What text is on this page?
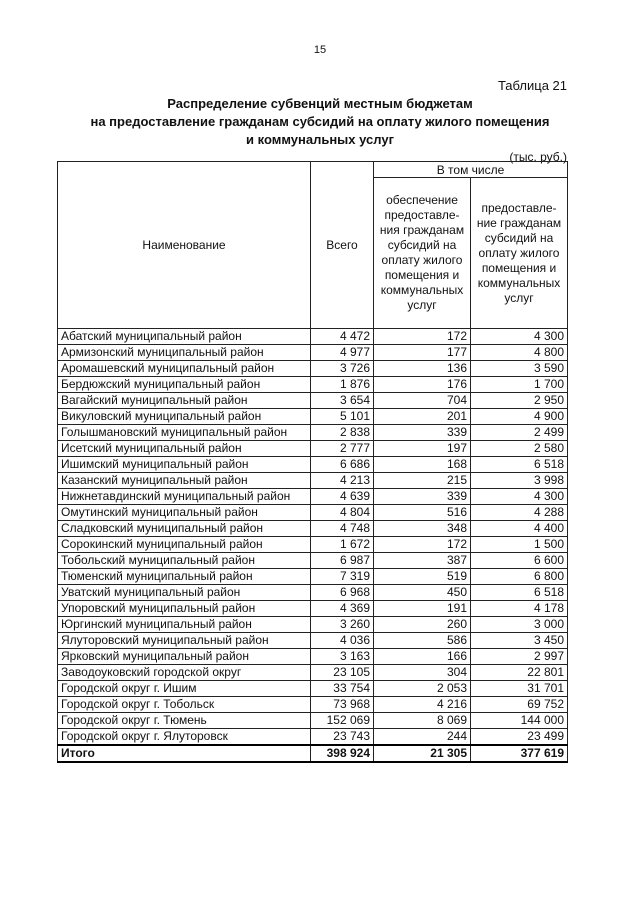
15
Таблица 21
Распределение субвенций местным бюджетам
на предоставление гражданам субсидий на оплату жилого помещения
и коммунальных услуг
(тыс. руб.)
Наименование	Всего	В том числе	
		обеспечение предоставле-ния гражданам субсидий на оплату жилого помещения и коммунальных услуг	предоставле-ние гражданам субсидий на оплату жилого помещения и коммунальных услуг
Абатский муниципальный район	4 472	172	4 300
Армизонский муниципальный район	4 977	177	4 800
Аромашевский муниципальный район	3 726	136	3 590
Бердюжский муниципальный район	1 876	176	1 700
Вагайский муниципальный район	3 654	704	2 950
Викуловский муниципальный район	5 101	201	4 900
Голышмановский муниципальный район	2 838	339	2 499
Исетский муниципальный район	2 777	197	2 580
Ишимский муниципальный район	6 686	168	6 518
Казанский муниципальный район	4 213	215	3 998
Нижнетавдинский муниципальный район	4 639	339	4 300
Омутинский муниципальный район	4 804	516	4 288
Сладковский муниципальный район	4 748	348	4 400
Сорокинский муниципальный район	1 672	172	1 500
Тобольский муниципальный район	6 987	387	6 600
Тюменский муниципальный район	7 319	519	6 800
Уватский муниципальный район	6 968	450	6 518
Упоровский муниципальный район	4 369	191	4 178
Юргинский муниципальный район	3 260	260	3 000
Ялуторовский муниципальный район	4 036	586	3 450
Ярковский муниципальный район	3 163	166	2 997
Заводоуковский городской округ	23 105	304	22 801
Городской округ г. Ишим	33 754	2 053	31 701
Городской округ г. Тобольск	73 968	4 216	69 752
Городской округ г. Тюмень	152 069	8 069	144 000
Городской округ г. Ялуторовск	23 743	244	23 499
Итого	398 924	21 305	377 619
